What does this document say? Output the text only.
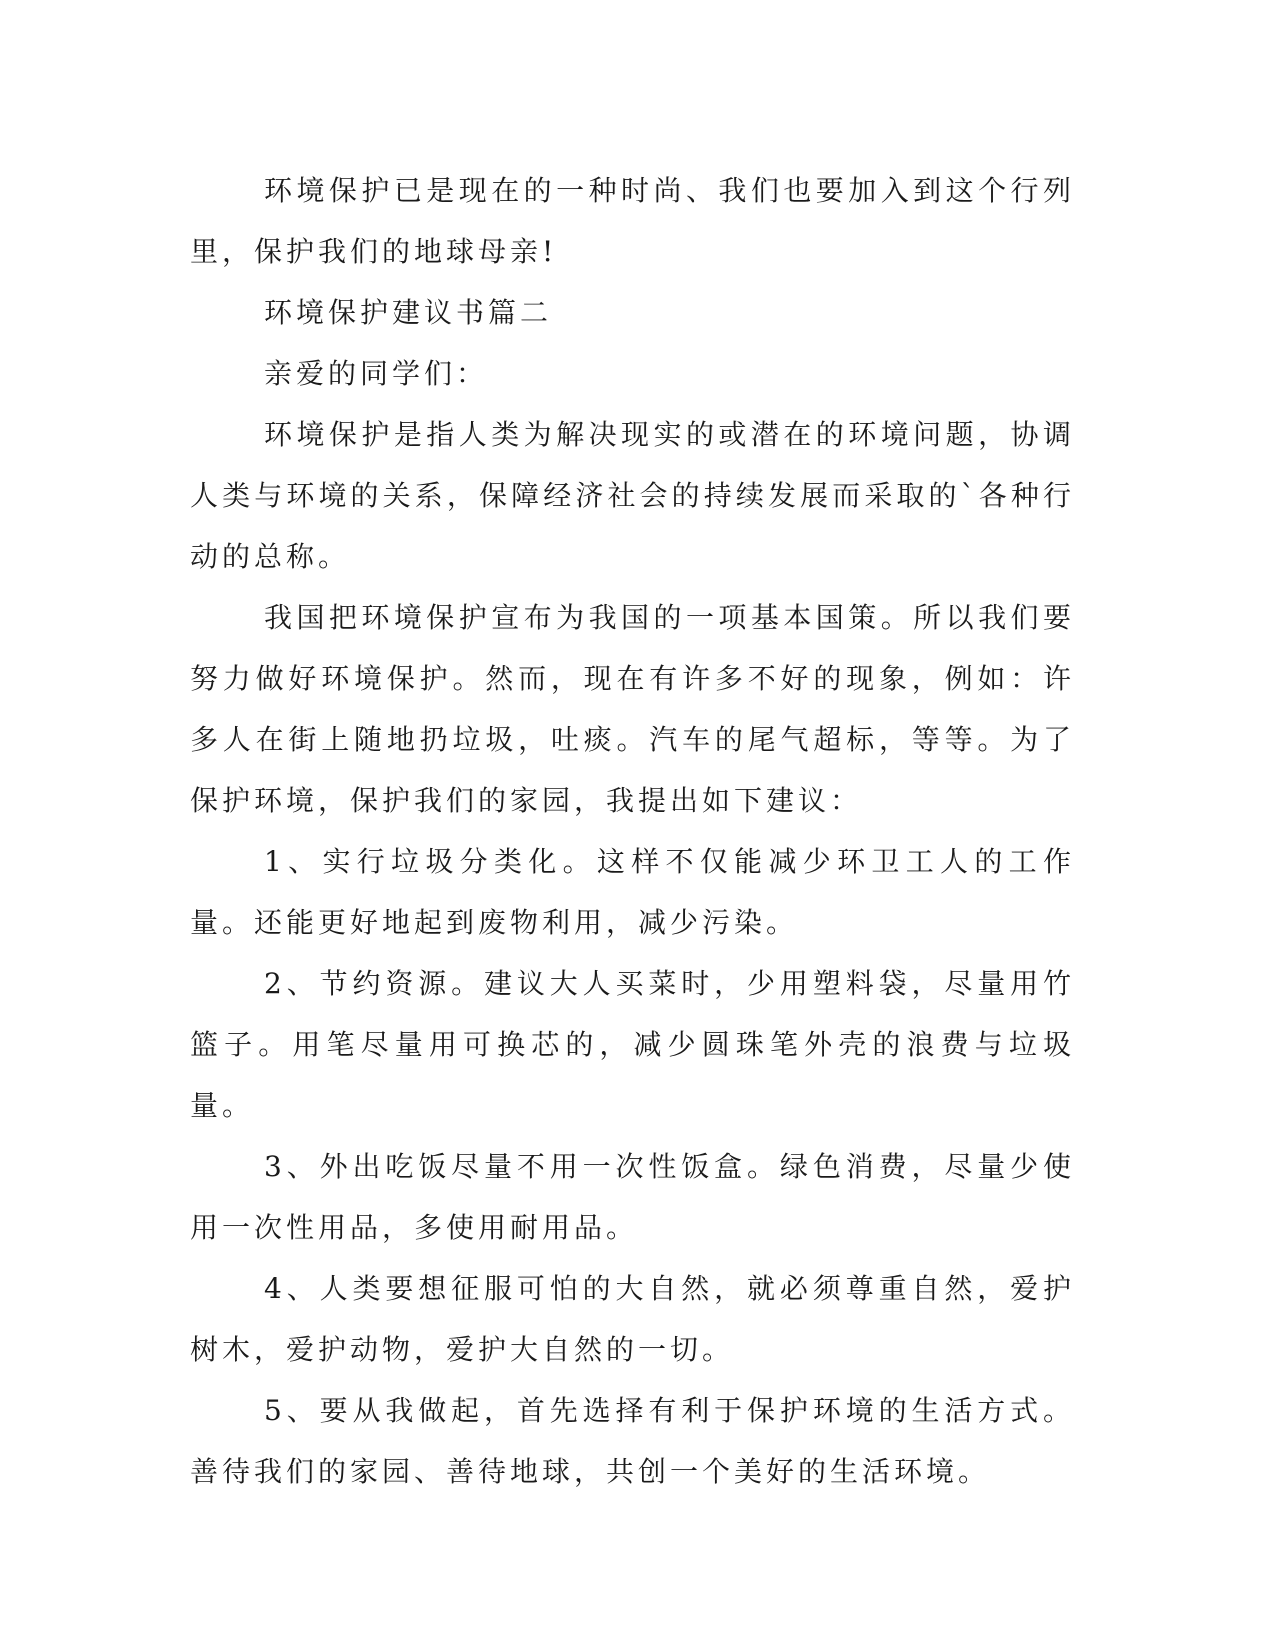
环境保护已是现在的一种时尚、我们也要加入到这个行列里，保护我们的地球母亲!

环境保护建议书篇二

亲爱的同学们：

环境保护是指人类为解决现实的或潜在的环境问题，协调人类与环境的关系，保障经济社会的持续发展而采取的`各种行动的总称。

我国把环境保护宣布为我国的一项基本国策。所以我们要努力做好环境保护。然而，现在有许多不好的现象，例如：许多人在街上随地扔垃圾，吐痰。汽车的尾气超标，等等。为了保护环境，保护我们的家园，我提出如下建议：

1、实行垃圾分类化。这样不仅能减少环卫工人的工作量。还能更好地起到废物利用，减少污染。

2、节约资源。建议大人买菜时，少用塑料袋，尽量用竹篮子。用笔尽量用可换芯的，减少圆珠笔外壳的浪费与垃圾量。

3、外出吃饭尽量不用一次性饭盒。绿色消费，尽量少使用一次性用品，多使用耐用品。

4、人类要想征服可怕的大自然，就必须尊重自然，爱护树木，爱护动物，爱护大自然的一切。

5、要从我做起，首先选择有利于保护环境的生活方式。善待我们的家园、善待地球，共创一个美好的生活环境。
